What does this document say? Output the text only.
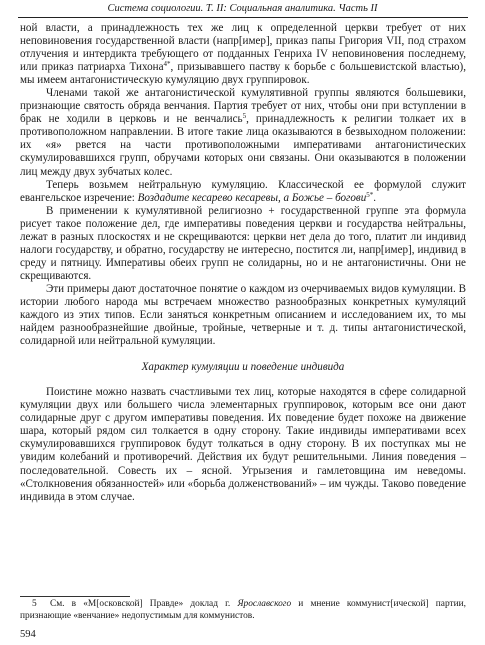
Система социологии. Т. II: Социальная аналитика. Часть II

ной власти, а принадлежность тех же лиц к определенной церкви требует от них неповиновения государственной власти (напр[имер], приказ папы Григория VII, под страхом отлучения и интердикта требующего от подданных Генриха IV неповиновения последнему, или приказ патриарха Тихона$^{4*}$, призывавшего паству к борьбе с большевистской властью), мы имеем антагонистическую кумуляцию двух группировок.

Членами такой же антагонистической кумулятивной группы являются большевики, признающие святость обряда венчания. Партия требует от них, чтобы они при вступлении в брак не ходили в церковь и не венчались$^5$, принадлежность к религии толкает их в противоположном направлении. В итоге такие лица оказываются в безвыходном положении: их «я» рвется на части противоположными императивами антагонистических скумулировавшихся групп, обручами которых они связаны. Они оказываются в положении лиц между двух зубчатых колес.

Теперь возьмем нейтральную кумуляцию. Классической ее формулой служит евангельское изречение: Воздадите кесарево кесаревы, а Божье – богови$^{5*}$.

В применении к кумулятивной религиозно + государственной группе эта формула рисует такое положение дел, где императивы поведения церкви и государства нейтральны, лежат в разных плоскостях и не скрещиваются: церкви нет дела до того, платит ли индивид налоги государству, и обратно, государству не интересно, постится ли, напр[имер], индивид в среду и пятницу. Императивы обеих групп не солидарны, но и не антагонистичны. Они не скрещиваются.

Эти примеры дают достаточное понятие о каждом из очерчиваемых видов кумуляции. В истории любого народа мы встречаем множество разнообразных конкретных кумуляций каждого из этих типов. Если заняться конкретным описанием и исследованием их, то мы найдем разнообразнейшие двойные, тройные, четверные и т. д. типы антагонистической, солидарной или нейтральной кумуляции.

Характер кумуляции и поведение индивида

Поистине можно назвать счастливыми тех лиц, которые находятся в сфере солидарной кумуляции двух или большего числа элементарных группировок, которым все они дают солидарные друг с другом императивы поведения. Их поведение будет похоже на движение шара, который рядом сил толкается в одну сторону. Такие индивиды императивами всех скумулировавшихся группировок будут толкаться в одну сторону. В их поступках мы не увидим колебаний и противоречий. Действия их будут решительными. Линия поведения – последовательной. Совесть их – ясной. Угрызения и гамлетовщина им неведомы. «Столкновения обязанностей» или «борьба долженствований» – им чужды. Таково поведение индивида в этом случае.

5 См. в «М[осковской] Правде» доклад г. Ярославского и мнение коммунист[ической] партии, признающие «венчание» недопустимым для коммунистов.
594
